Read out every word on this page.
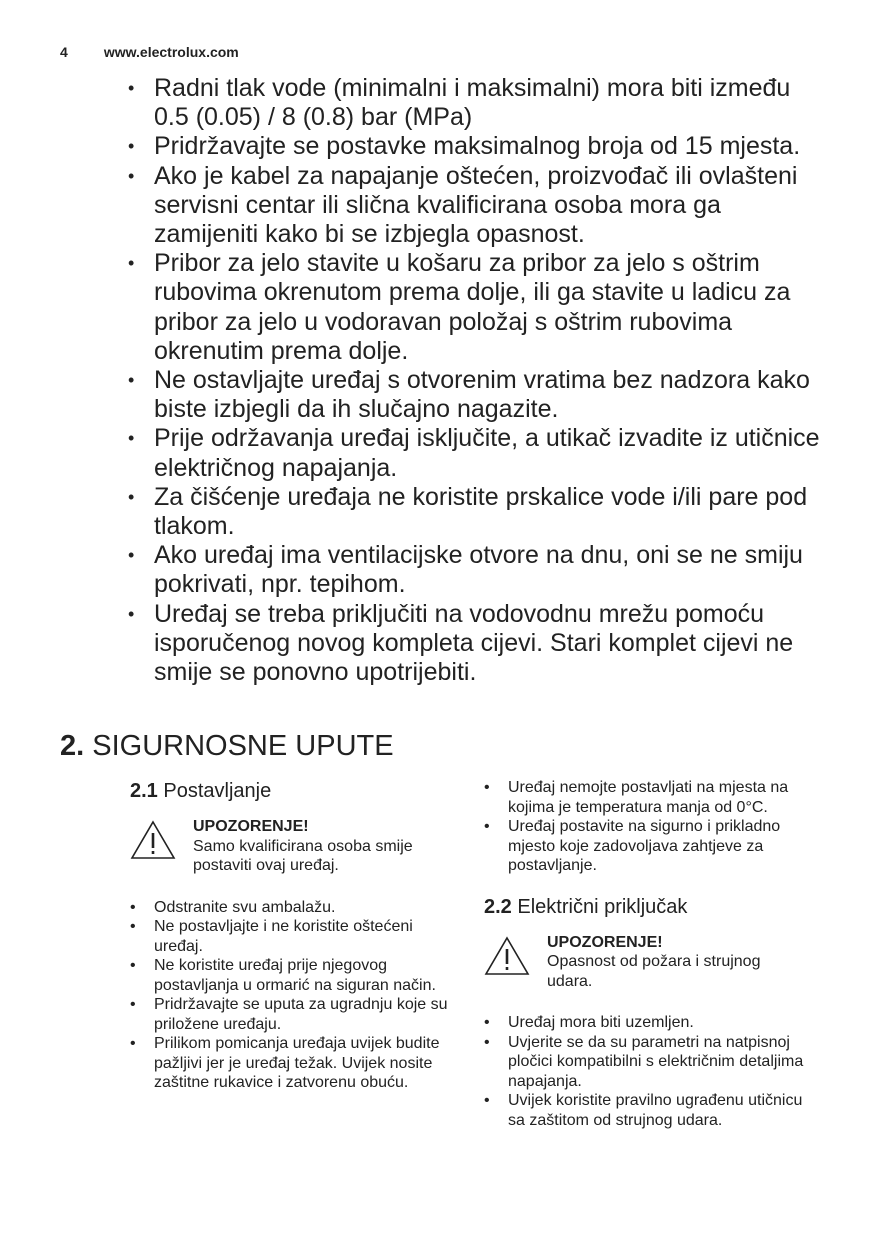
4	www.electrolux.com
• Radni tlak vode (minimalni i maksimalni) mora biti između 0.5 (0.05) / 8 (0.8) bar (MPa)
• Pridržavajte se postavke maksimalnog broja od 15 mjesta.
• Ako je kabel za napajanje oštećen, proizvođač ili ovlašteni servisni centar ili slična kvalificirana osoba mora ga zamijeniti kako bi se izbjegla opasnost.
• Pribor za jelo stavite u košaru za pribor za jelo s oštrim rubovima okrenutom prema dolje, ili ga stavite u ladicu za pribor za jelo u vodoravan položaj s oštrim rubovima okrenutim prema dolje.
• Ne ostavljajte uređaj s otvorenim vratima bez nadzora kako biste izbjegli da ih slučajno nagazite.
• Prije održavanja uređaj isključite, a utikač izvadite iz utičnice električnog napajanja.
• Za čišćenje uređaja ne koristite prskalice vode i/ili pare pod tlakom.
• Ako uređaj ima ventilacijske otvore na dnu, oni se ne smiju pokrivati, npr. tepihom.
• Uređaj se treba priključiti na vodovodnu mrežu pomoću isporučenog novog kompleta cijevi. Stari komplet cijevi ne smije se ponovno upotrijebiti.
2. SIGURNOSNE UPUTE
2.1 Postavljanje
UPOZORENJE!
Samo kvalificirana osoba smije postaviti ovaj uređaj.
• Odstranite svu ambalažu.
• Ne postavljajte i ne koristite oštećeni uređaj.
• Ne koristite uređaj prije njegovog postavljanja u ormarić na siguran način.
• Pridržavajte se uputa za ugradnju koje su priložene uređaju.
• Prilikom pomicanja uređaja uvijek budite pažljivi jer je uređaj težak. Uvijek nosite zaštitne rukavice i zatvorenu obuću.
• Uređaj nemojte postavljati na mjesta na kojima je temperatura manja od 0°C.
• Uređaj postavite na sigurno i prikladno mjesto koje zadovoljava zahtjeve za postavljanje.
2.2 Električni priključak
UPOZORENJE!
Opasnost od požara i strujnog udara.
• Uređaj mora biti uzemljen.
• Uvjerite se da su parametri na natpisnoj pločici kompatibilni s električnim detaljima napajanja.
• Uvijek koristite pravilno ugrađenu utičnicu sa zaštitom od strujnog udara.
